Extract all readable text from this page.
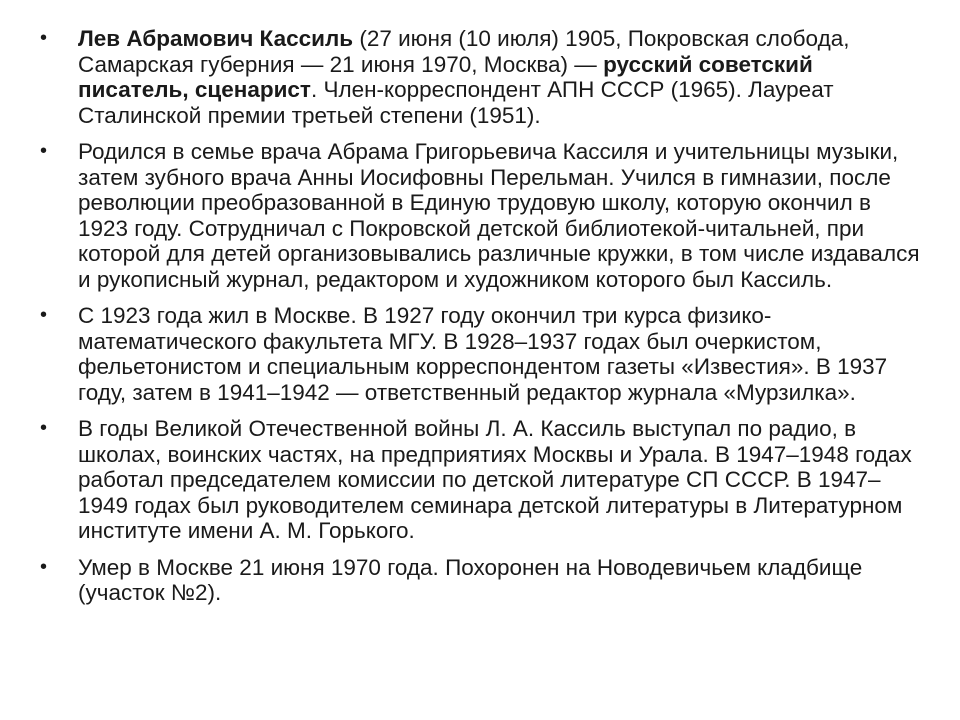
• Лев Абрамович Кассиль (27 июня (10 июля) 1905, Покровская слобода, Самарская губерния — 21 июня 1970, Москва) — русский советский писатель, сценарист. Член-корреспондент АПН СССР (1965). Лауреат Сталинской премии третьей степени (1951).
• Родился в семье врача Абрама Григорьевича Кассиля и учительницы музыки, затем зубного врача Анны Иосифовны Перельман. Учился в гимназии, после революции преобразованной в Единую трудовую школу, которую окончил в 1923 году. Сотрудничал с Покровской детской библиотекой-читальней, при которой для детей организовывались различные кружки, в том числе издавался и рукописный журнал, редактором и художником которого был Кассиль.
• С 1923 года жил в Москве. В 1927 году окончил три курса физико-математического факультета МГУ. В 1928–1937 годах был очеркистом, фельетонистом и специальным корреспондентом газеты «Известия». В 1937 году, затем в 1941–1942 — ответственный редактор журнала «Мурзилка».
• В годы Великой Отечественной войны Л. А. Кассиль выступал по радио, в школах, воинских частях, на предприятиях Москвы и Урала. В 1947–1948 годах работал председателем комиссии по детской литературе СП СССР. В 1947–1949 годах был руководителем семинара детской литературы в Литературном институте имени А. М. Горького.
• Умер в Москве 21 июня 1970 года. Похоронен на Новодевичьем кладбище (участок №2).
